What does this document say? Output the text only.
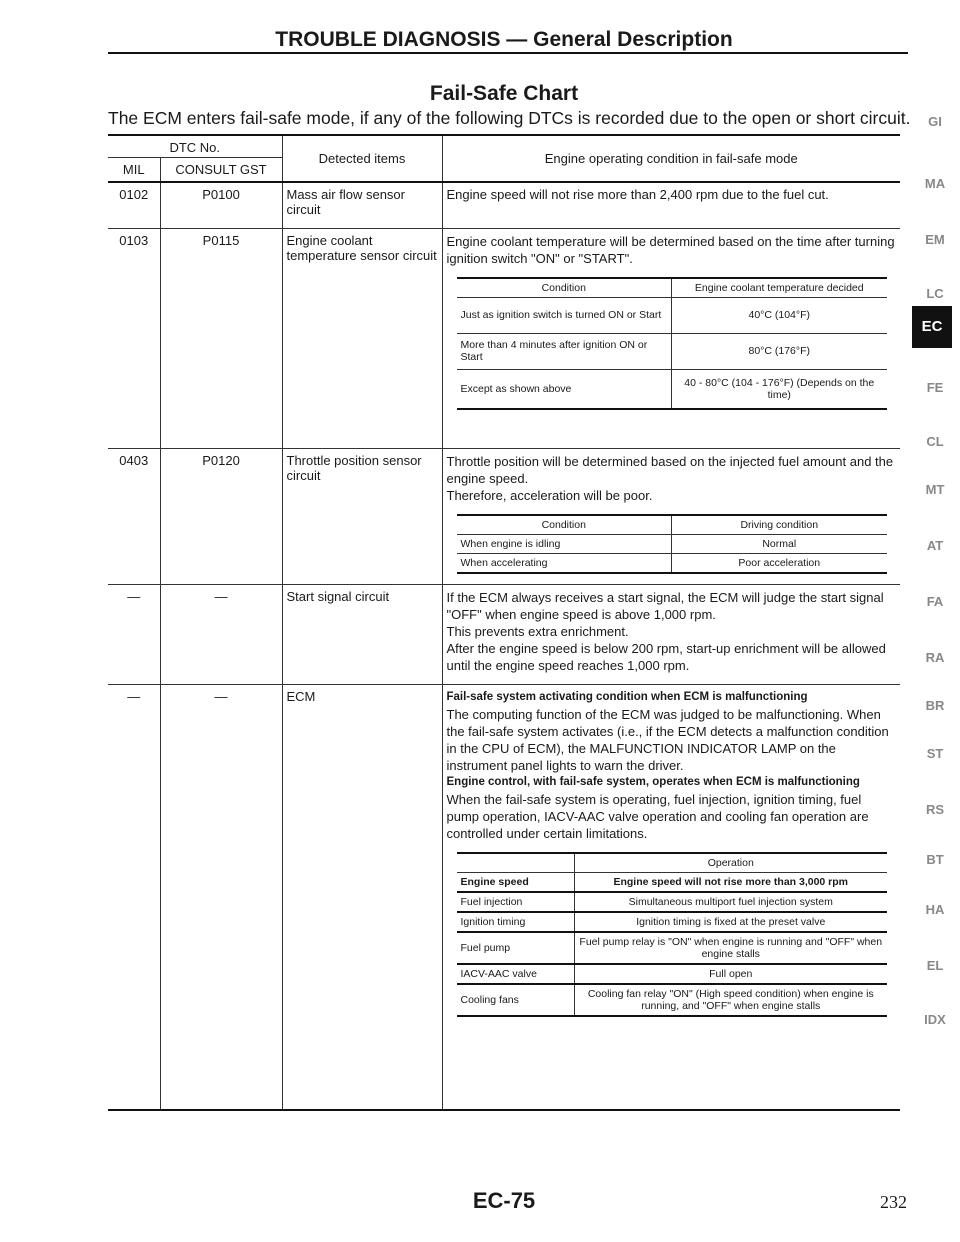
TROUBLE DIAGNOSIS — General Description
Fail-Safe Chart
The ECM enters fail-safe mode, if any of the following DTCs is recorded due to the open or short circuit.
DTC No.	Detected items	Engine operating condition in fail-safe mode
MIL	CONSULT GST
0102	P0100	Mass air flow sensor circuit	Engine speed will not rise more than 2,400 rpm due to the fuel cut.
0103	P0115	Engine coolant temperature sensor circuit	

Engine coolant temperature will be determined based on the time after turning ignition switch "ON" or "START".

Condition	Engine coolant temperature decided
Just as ignition switch is turned ON or Start	40°C (104°F)
More than 4 minutes after ignition ON or Start	80°C (176°F)
Except as shown above	40 - 80°C (104 - 176°F) (Depends on the time)

0403	P0120	Throttle position sensor circuit	

Throttle position will be determined based on the injected fuel amount and the engine speed.

Therefore, acceleration will be poor.

Condition	Driving condition
When engine is idling	Normal
When accelerating	Poor acceleration

—	—	Start signal circuit	If the ECM always receives a start signal, the ECM will judge the start signal "OFF" when engine speed is above 1,000 rpm.

This prevents extra enrichment.

After the engine speed is below 200 rpm, start-up enrichment will be allowed until the engine speed reaches 1,000 rpm.

—	—	ECM	Fail-safe system activating condition when ECM is malfunctioning

The computing function of the ECM was judged to be malfunctioning. When the fail-safe system activates (i.e., if the ECM detects a malfunction condition in the CPU of ECM), the MALFUNCTION INDICATOR LAMP on the instrument panel lights to warn the driver.

Engine control, with fail-safe system, operates when ECM is malfunctioning

When the fail-safe system is operating, fuel injection, ignition timing, fuel pump operation, IACV-AAC valve operation and cooling fan operation are controlled under certain limitations.

	Operation
Engine speed	Engine speed will not rise more than 3,000 rpm
Fuel injection	Simultaneous multiport fuel injection system
Ignition timing	Ignition timing is fixed at the preset valve
Fuel pump	Fuel pump relay is "ON" when engine is running and "OFF" when engine stalls
IACV-AAC valve	Full open
Cooling fans	Cooling fan relay "ON" (High speed condition) when engine is running, and "OFF" when engine stalls
GI
MA
EM
LC
EC
FE
CL
MT
AT
FA
RA
BR
ST
RS
BT
HA
EL
IDX
EC-75	232
